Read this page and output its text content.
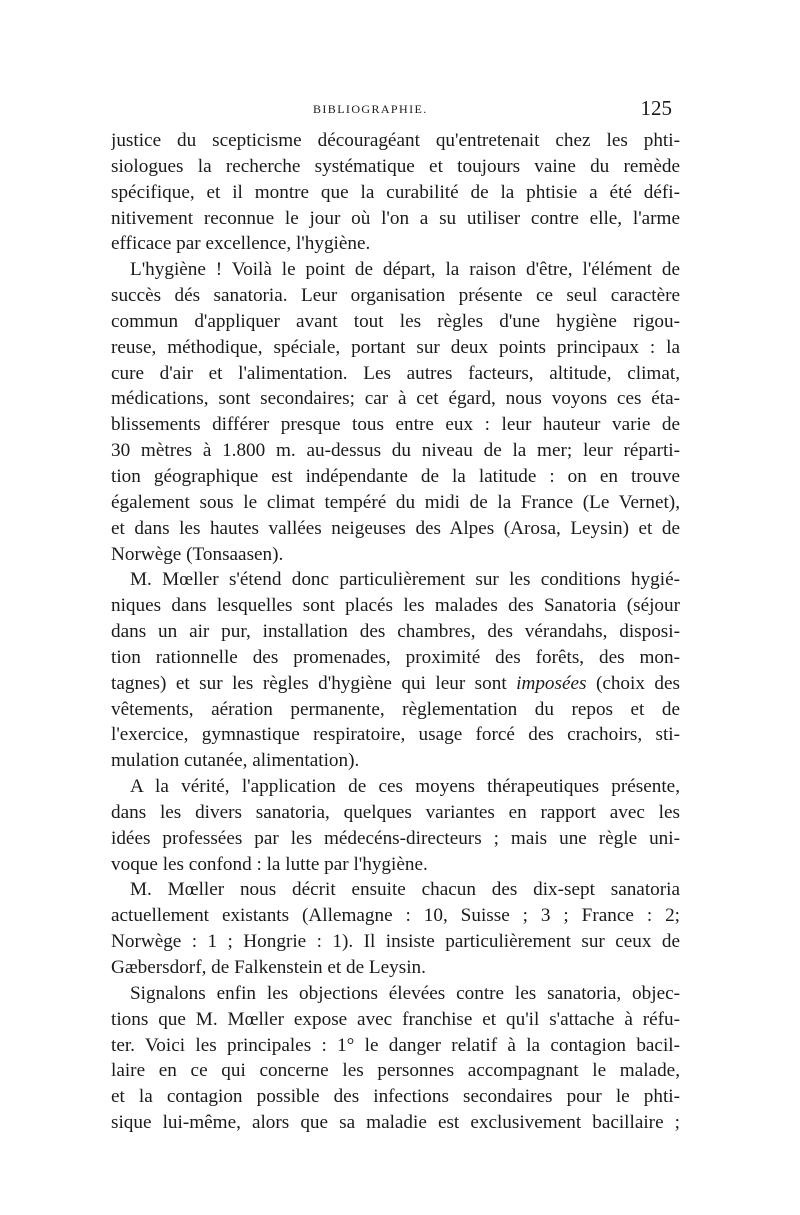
BIBLIOGRAPHIE.	125
justice du scepticisme découragéant qu'entretenait chez les phti-
siologues la recherche systématique et toujours vaine du remède
spécifique, et il montre que la curabilité de la phtisie a été défi-
nitivement reconnue le jour où l'on a su utiliser contre elle, l'arme
efficace par excellence, l'hygiène.
L'hygiène ! Voilà le point de départ, la raison d'être, l'élément de
succès dés sanatoria. Leur organisation présente ce seul caractère
commun d'appliquer avant tout les règles d'une hygiène rigou-
reuse, méthodique, spéciale, portant sur deux points principaux : la
cure d'air et l'alimentation. Les autres facteurs, altitude, climat,
médications, sont secondaires; car à cet égard, nous voyons ces éta-
blissements différer presque tous entre eux : leur hauteur varie de
30 mètres à 1.800 m. au-dessus du niveau de la mer; leur réparti-
tion géographique est indépendante de la latitude : on en trouve
également sous le climat tempéré du midi de la France (Le Vernet),
et dans les hautes vallées neigeuses des Alpes (Arosa, Leysin) et de
Norwège (Tonsaasen).
M. Mœller s'étend donc particulièrement sur les conditions hygié-
niques dans lesquelles sont placés les malades des Sanatoria (séjour
dans un air pur, installation des chambres, des vérandahs, disposi-
tion rationnelle des promenades, proximité des forêts, des mon-
tagnes) et sur les règles d'hygiène qui leur sont imposées (choix des
vêtements, aération permanente, règlementation du repos et de
l'exercice, gymnastique respiratoire, usage forcé des crachoirs, sti-
mulation cutanée, alimentation).
A la vérité, l'application de ces moyens thérapeutiques présente,
dans les divers sanatoria, quelques variantes en rapport avec les
idées professées par les médecéns-directeurs ; mais une règle uni-
voque les confond : la lutte par l'hygiène.
M. Mœller nous décrit ensuite chacun des dix-sept sanatoria
actuellement existants (Allemagne : 10, Suisse ; 3 ; France : 2;
Norwège : 1 ; Hongrie : 1). Il insiste particulièrement sur ceux de
Gæbersdorf, de Falkenstein et de Leysin.
Signalons enfin les objections élevées contre les sanatoria, objec-
tions que M. Mœller expose avec franchise et qu'il s'attache à réfu-
ter. Voici les principales : 1° le danger relatif à la contagion bacil-
laire en ce qui concerne les personnes accompagnant le malade,
et la contagion possible des infections secondaires pour le phti-
sique lui-même, alors que sa maladie est exclusivement bacillaire ;
